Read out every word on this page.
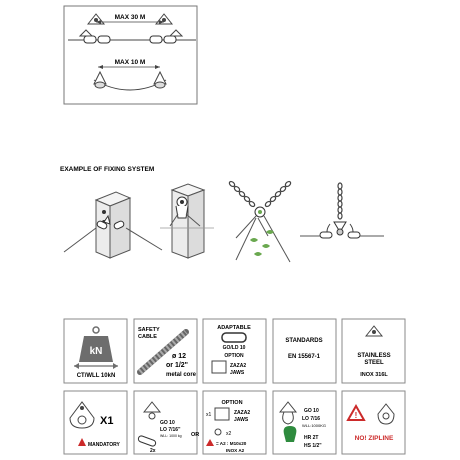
MAX 30 M
MAX 10 M
EXAMPLE OF FIXING SYSTEM
kN
CT/WLL 10kN
SAFETY
CABLE
ø 12
or 1/2"
metal core
ADAPTABLE
GO/LD 10
OPTION
ZAZA2
JAWS
STANDARDS
EN 15567-1	STAINLESS
STEEL
INOX 316L
X1
MANDATORY
GO 10
LO 7/16"
WLL: 1000 kg
2x
OR
OPTION
x1	ZAZA2
JAWS
x2
= A2 : M10x20
INOX A2
GO 10
LO 7/16
WLL:1000KG
HR 2T
HS 1/2"
!
NO! ZIPLINE
